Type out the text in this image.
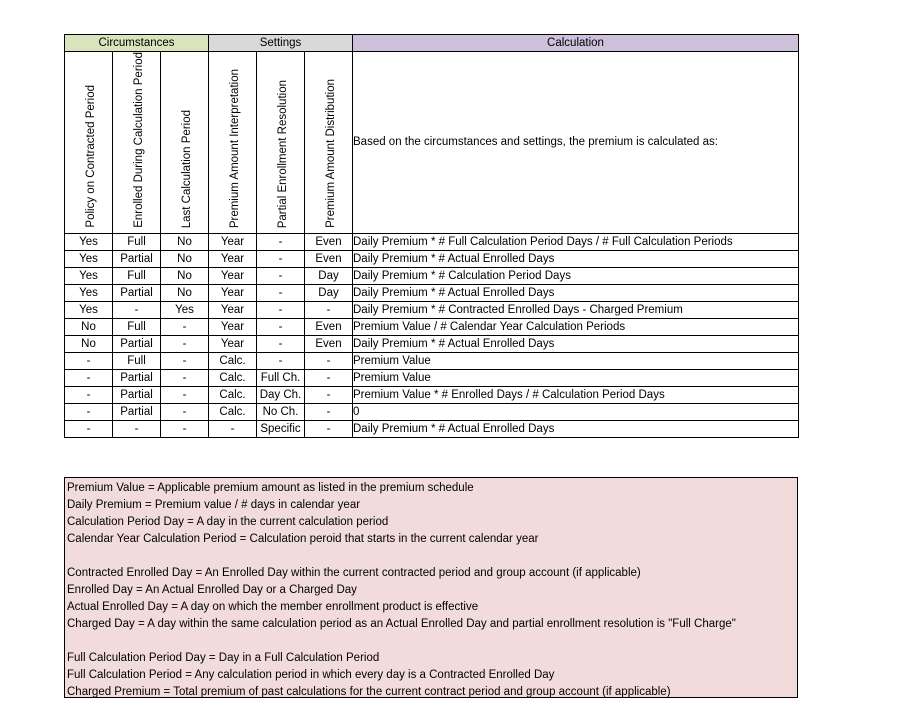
Circumstances			Settings			Calculation
Policy on Contracted Period	Enrolled During Calculation Period	Last Calculation Period	Premium Amount Interpretation	Partial Enrollment Resolution	Premium Amount Distribution	Based on the circumstances and settings, the premium is calculated as:
Yes	Full	No	Year	-	Even	Daily Premium * # Full Calculation Period Days / # Full Calculation Periods
Yes	Partial	No	Year	-	Even	Daily Premium * # Actual Enrolled Days
Yes	Full	No	Year	-	Day	Daily Premium * # Calculation Period Days
Yes	Partial	No	Year	-	Day	Daily Premium * # Actual Enrolled Days
Yes	-	Yes	Year	-	-	Daily Premium * # Contracted Enrolled Days - Charged Premium
No	Full	-	Year	-	Even	Premium Value / # Calendar Year Calculation Periods
No	Partial	-	Year	-	Even	Daily Premium * # Actual Enrolled Days
-	Full	-	Calc.	-	-	Premium Value
-	Partial	-	Calc.	Full Ch.	-	Premium Value
-	Partial	-	Calc.	Day Ch.	-	Premium Value * # Enrolled Days / # Calculation Period Days
-	Partial	-	Calc.	No Ch.	-	0
-	-	-	-	Specific	-	Daily Premium * # Actual Enrolled Days
Premium Value = Applicable premium amount as listed in the premium schedule
Daily Premium = Premium value / # days in calendar year
Calculation Period Day = A day in the current calculation period
Calendar Year Calculation Period = Calculation peroid that starts in the current calendar year
Contracted Enrolled Day = An Enrolled Day within the current contracted period and group account (if applicable)
Enrolled Day = An Actual Enrolled Day or a Charged Day
Actual Enrolled Day = A day on which the member enrollment product is effective
Charged Day = A day within the same calculation period as an Actual Enrolled Day and partial enrollment resolution is "Full Charge"
Full Calculation Period Day = Day in a Full Calculation Period
Full Calculation Period = Any calculation period in which every day is a Contracted Enrolled Day
Charged Premium = Total premium of past calculations for the current contract period and group account (if applicable)
